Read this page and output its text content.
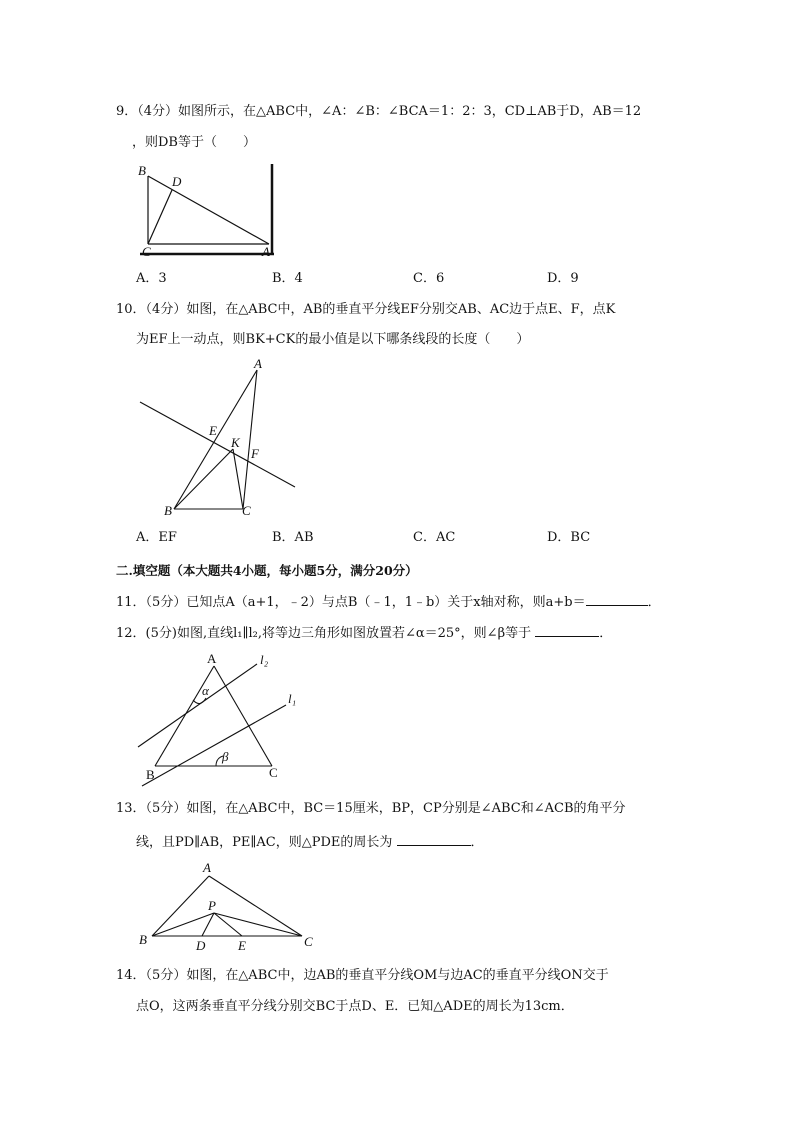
9．（4分）如图所示，在△ABC中，∠A：∠B：∠BCA＝1：2：3，CD⊥AB于D，AB＝12
，则DB等于（　　）
B
D
C	A
A．3	B．4	C．6	D．9
10．（4分）如图，在△ABC中，AB的垂直平分线EF分别交AB、AC边于点E、F，点K
为EF上一动点，则BK+CK的最小值是以下哪条线段的长度（　　）
A
E
K
F
B	C
A．EF	B．AB	C．AC	D．BC
二.填空题（本大题共4小题，每小题5分，满分20分）
11．（5分）已知点A（a+1，﹣2）与点B（﹣1，1﹣b）关于x轴对称，则a+b＝	．
12．(5分)如图,直线l₁∥l₂,将等边三角形如图放置若∠α＝25°，则∠β等于	．
A	l₂
l₁
α
β
B	C
13．（5分）如图，在△ABC中，BC＝15厘米，BP，CP分别是∠ABC和∠ACB的角平分
线，且PD∥AB，PE∥AC，则△PDE的周长为	．
A
P
B	D	E	C
14．（5分）如图，在△ABC中，边AB的垂直平分线OM与边AC的垂直平分线ON交于
点O，这两条垂直平分线分别交BC于点D、E．已知△ADE的周长为13cm．
